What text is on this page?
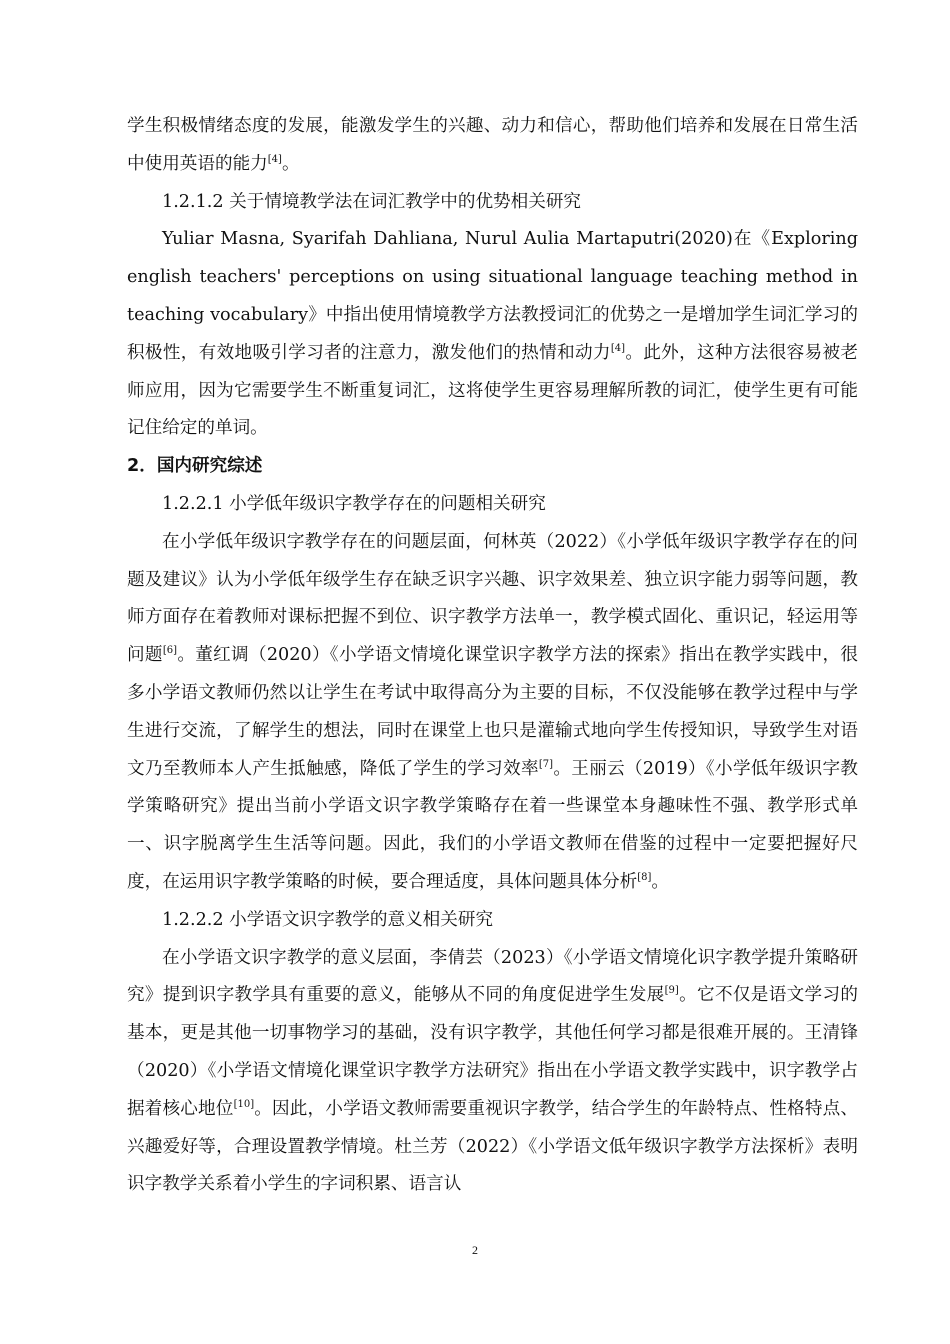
学生积极情绪态度的发展，能激发学生的兴趣、动力和信心，帮助他们培养和发展在日常生活中使用英语的能力[4]。

1.2.1.2 关于情境教学法在词汇教学中的优势相关研究

Yuliar Masna, Syarifah Dahliana, Nurul Aulia Martaputri(2020)在《Exploring english teachers' perceptions on using situational language teaching method in teaching vocabulary》中指出使用情境教学方法教授词汇的优势之一是增加学生词汇学习的积极性，有效地吸引学习者的注意力，激发他们的热情和动力[4]。此外，这种方法很容易被老师应用，因为它需要学生不断重复词汇，这将使学生更容易理解所教的词汇，使学生更有可能记住给定的单词。

2．国内研究综述

1.2.2.1 小学低年级识字教学存在的问题相关研究

在小学低年级识字教学存在的问题层面，何林英（2022）《小学低年级识字教学存在的问题及建议》认为小学低年级学生存在缺乏识字兴趣、识字效果差、独立识字能力弱等问题，教师方面存在着教师对课标把握不到位、识字教学方法单一，教学模式固化、重识记，轻运用等问题[6]。董红调（2020）《小学语文情境化课堂识字教学方法的探索》指出在教学实践中，很多小学语文教师仍然以让学生在考试中取得高分为主要的目标，不仅没能够在教学过程中与学生进行交流，了解学生的想法，同时在课堂上也只是灌输式地向学生传授知识，导致学生对语文乃至教师本人产生抵触感，降低了学生的学习效率[7]。王丽云（2019）《小学低年级识字教学策略研究》提出当前小学语文识字教学策略存在着一些课堂本身趣味性不强、教学形式单一、识字脱离学生生活等问题。因此，我们的小学语文教师在借鉴的过程中一定要把握好尺度，在运用识字教学策略的时候，要合理适度，具体问题具体分析[8]。

1.2.2.2 小学语文识字教学的意义相关研究

在小学语文识字教学的意义层面，李倩芸（2023）《小学语文情境化识字教学提升策略研究》提到识字教学具有重要的意义，能够从不同的角度促进学生发展[9]。它不仅是语文学习的基本，更是其他一切事物学习的基础，没有识字教学，其他任何学习都是很难开展的。王清锋（2020）《小学语文情境化课堂识字教学方法研究》指出在小学语文教学实践中，识字教学占据着核心地位[10]。因此，小学语文教师需要重视识字教学，结合学生的年龄特点、性格特点、兴趣爱好等，合理设置教学情境。杜兰芳（2022）《小学语文低年级识字教学方法探析》表明识字教学关系着小学生的字词积累、语言认

2
